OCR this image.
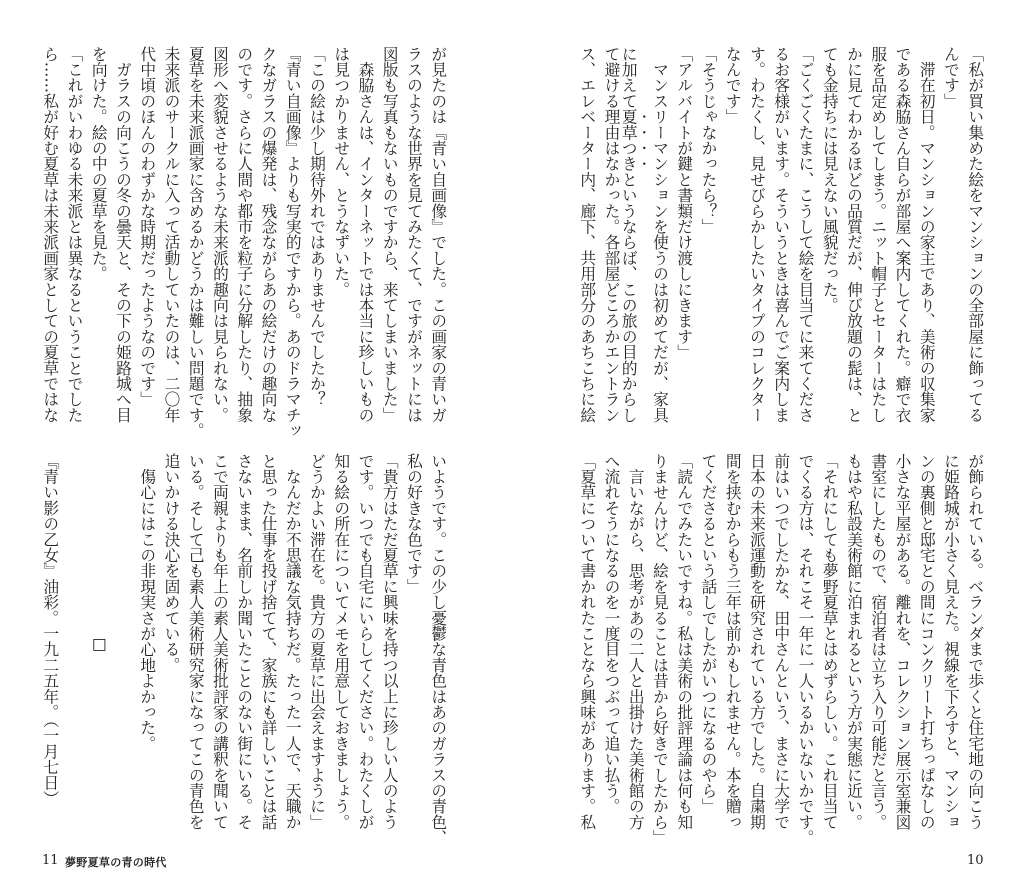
「私が買い集めた絵をマンションの全部屋に飾ってる
んです」
　滞在初日。マンションの家主であり、美術の収集家
である森脇さん自らが部屋へ案内してくれた。癖で衣
服を品定めしてしまう。ニット帽子とセーターはたし
かに見てわかるほどの品質だが、伸び放題の髭は、と
ても金持ちには見えない風貌だった。
「ごくごくたまに、こうして絵を目当てに来てくださ
るお客様がいます。そういうときは喜んでご案内しま
す。わたくし、見せびらかしたいタイプのコレクター
なんです」
「そうじゃなかったら？」
「アルバイトが鍵と書類だけ渡しにきます」
　マンスリーマンションを使うのは初めてだが、家具
に加えて夏草つきというならば、この旅の目的からし
て避ける理由はなかった。各部屋どころかエントラン
ス、エレベーター内、廊下、共用部分のあちこちに絵
が飾られている。ベランダまで歩くと住宅地の向こう
に姫路城が小さく見えた。視線を下ろすと、マンショ
ンの裏側と邸宅との間にコンクリート打ちっぱなしの
小さな平屋がある。離れを、コレクション展示室兼図
書室にしたもので、宿泊者は立ち入り可能だと言う。
もはや私設美術館に泊まれるという方が実態に近い。
「それにしても夢野夏草とはめずらしい。これ目当て
でくる方は、それこそ一年に一人いるかいないかです。
前はいつでしたかな、田中さんという、まさに大学で
日本の未来派運動を研究されている方でした。自粛期
間を挟むからもう三年は前かもしれません。本を贈っ
てくださるという話しでしたがいつになるのやら」
「読んでみたいですね。私は美術の批評理論は何も知
りませんけど、絵を見ることは昔から好きでしたから」
　言いながら、思考があの二人と出掛けた美術館の方
へ流れそうになるのを一度目をつぶって追い払う。
「夏草について書かれたことなら興味があります。私
10
が見たのは『青い自画像』でした。この画家の青いガ
ラスのような世界を見てみたくて、ですがネットには
図版も写真もないものですから、来てしまいました」
　森脇さんは、インターネットでは本当に珍しいもの
は見つかりません、とうなずいた。
「この絵は少し期待外れではありませんでしたか？
『青い自画像』よりも写実的ですから。あのドラマチッ
クなガラスの爆発は、残念ながらあの絵だけの趣向な
のです。さらに人間や都市を粒子に分解したり、抽象
図形へ変貌させるような未来派的趣向は見られない。
夏草を未来派画家に含めるかどうかは難しい問題です。
未来派のサークルに入って活動していたのは、二〇年
代中頃のほんのわずかな時期だったようなのです」
　ガラスの向こうの冬の曇天と、その下の姫路城へ目
を向けた。絵の中の夏草を見た。
「これがいわゆる未来派とは異なるということでした
ら……私が好む夏草は未来派画家としての夏草ではな
いようです。この少し憂鬱な青色はあのガラスの青色、
私の好きな色です」
「貴方はただ夏草に興味を持つ以上に珍しい人のよう
です。いつでも自宅にいらしてください。わたくしが
知る絵の所在についてメモを用意しておきましょう。
どうかよい滞在を。貴方の夏草に出会えますように」
　なんだか不思議な気持ちだ。たった一人で、天職か
と思った仕事を投げ捨てて、家族にも詳しいことは話
さないまま、名前しか聞いたことのない街にいる。そ
こで両親よりも年上の素人美術批評家の講釈を聞いて
いる。そして己も素人美術研究家になってこの青色を
追いかける決心を固めている。
　傷心にはこの非現実さが心地よかった。
□
『青い影の乙女』油彩。一九二五年。（一月七日）
11 夢野夏草の青の時代
